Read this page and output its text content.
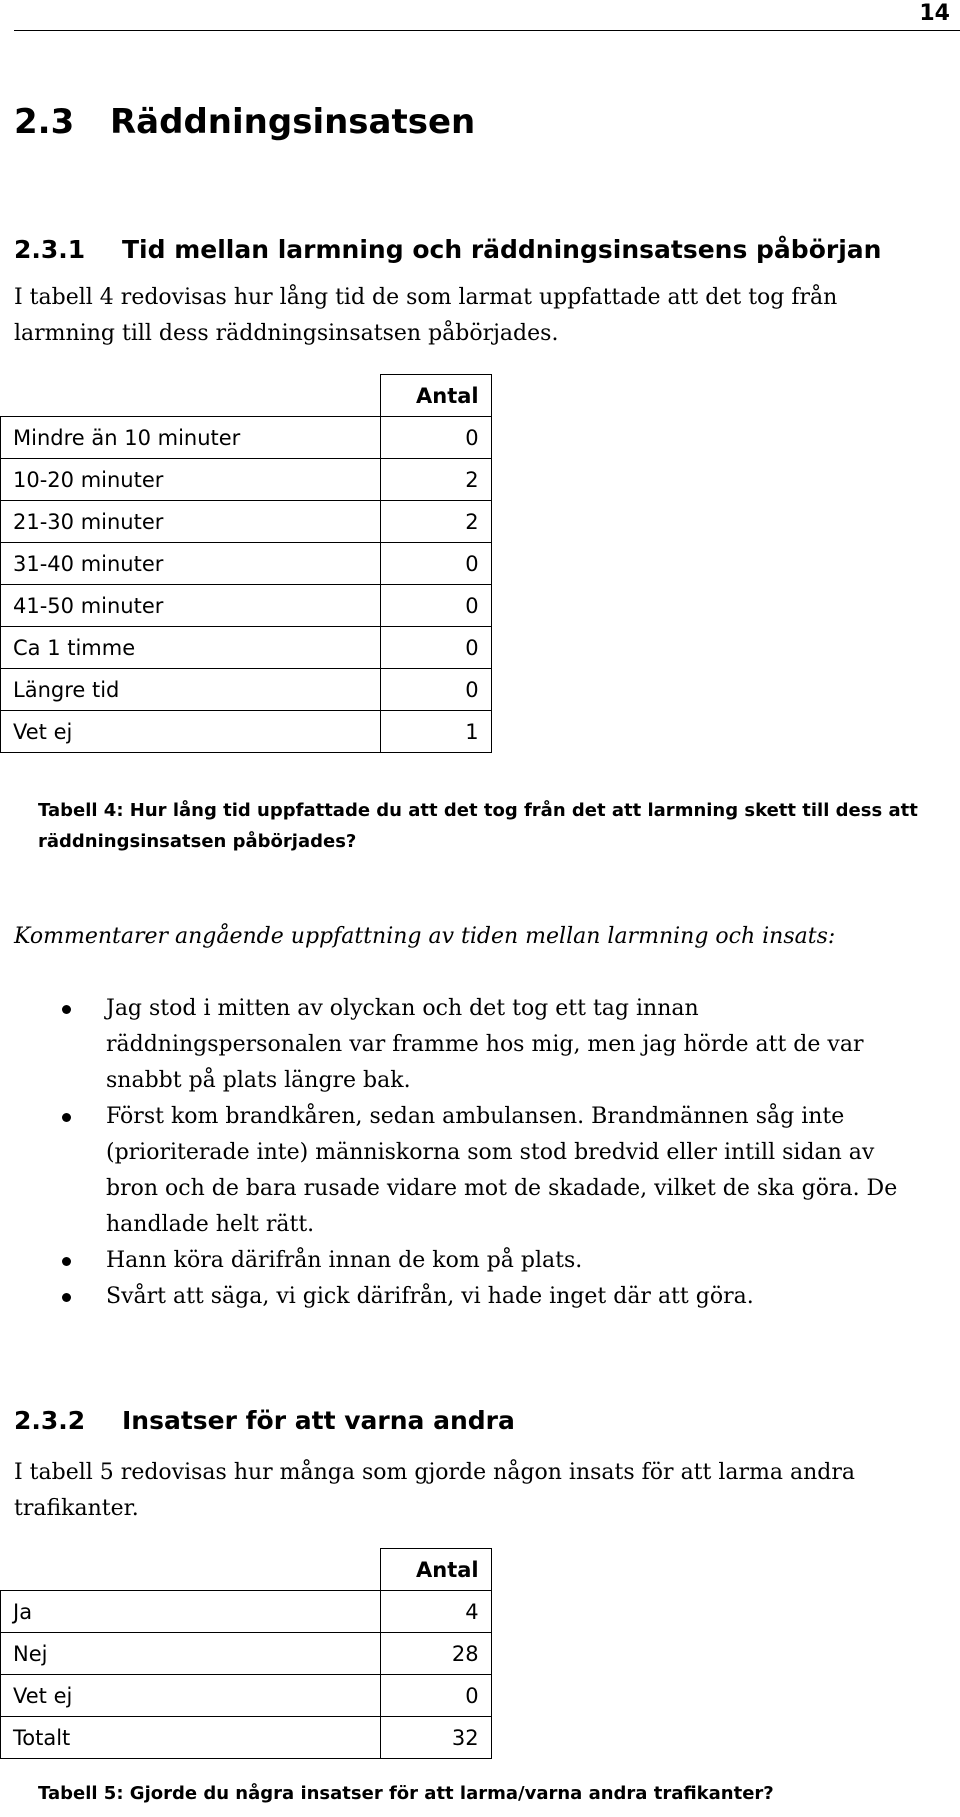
14
2.3 Räddningsinsatsen
2.3.1 Tid mellan larmning och räddningsinsatsens påbörjan

I tabell 4 redovisas hur lång tid de som larmat uppfattade att det tog från larmning till dess räddningsinsatsen påbörjades.

	Antal
Mindre än 10 minuter	0
10-20 minuter	2
21-30 minuter	2
31-40 minuter	0
41-50 minuter	0
Ca 1 timme	0
Längre tid	0
Vet ej	1

Tabell 4: Hur lång tid uppfattade du att det tog från det att larmning skett till dess att räddningsinsatsen påbörjades?

Kommentarer angående uppfattning av tiden mellan larmning och insats:

Jag stod i mitten av olyckan och det tog ett tag innan räddningspersonalen var framme hos mig, men jag hörde att de var snabbt på plats längre bak.
Först kom brandkåren, sedan ambulansen. Brandmännen såg inte (prioriterade inte) människorna som stod bredvid eller intill sidan av bron och de bara rusade vidare mot de skadade, vilket de ska göra. De handlade helt rätt.
Hann köra därifrån innan de kom på plats.
Svårt att säga, vi gick därifrån, vi hade inget där att göra.
2.3.2 Insatser för att varna andra

I tabell 5 redovisas hur många som gjorde någon insats för att larma andra trafikanter.

	Antal
Ja	4
Nej	28
Vet ej	0
Totalt	32

Tabell 5: Gjorde du några insatser för att larma/varna andra trafikanter?
